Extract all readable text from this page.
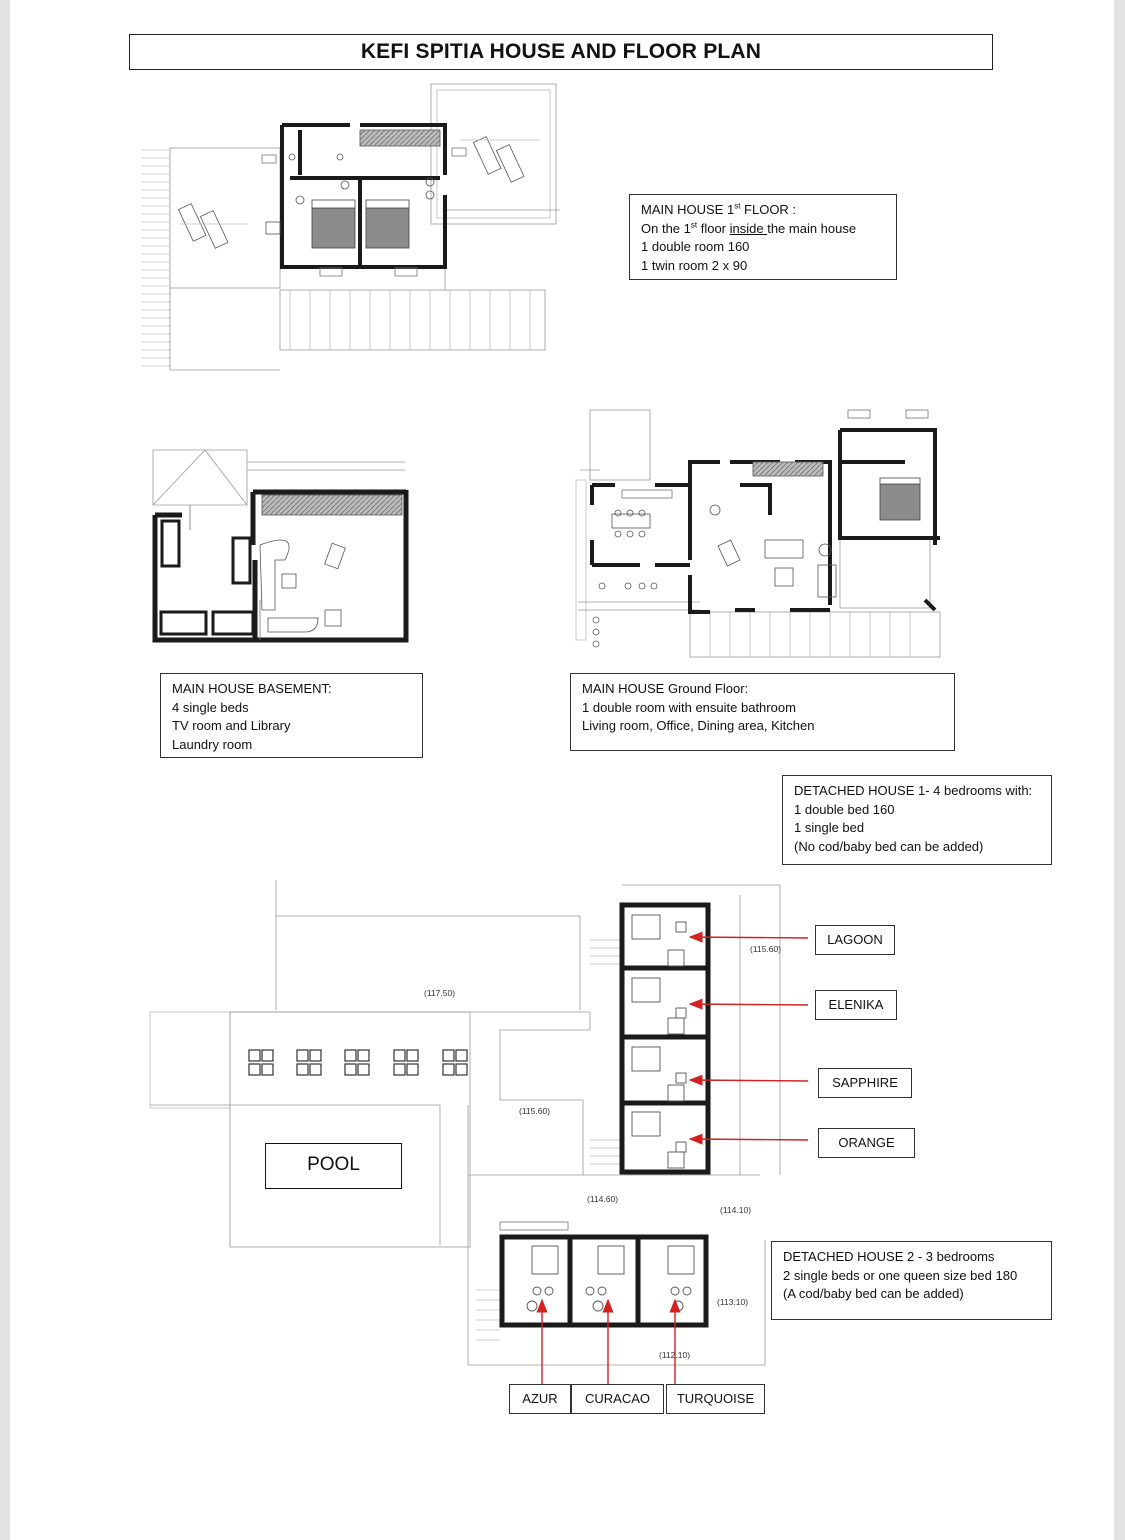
KEFI SPITIA HOUSE AND FLOOR PLAN
(117.50)
(115.60)
(115.60)
(114.60)
(114.10)
(113.10)
(112.10)
MAIN HOUSE 1st FLOOR :
On the 1st floor inside the main house
1 double room 160
1 twin room 2 x 90
MAIN HOUSE BASEMENT:
4 single beds
TV room and Library
Laundry room
MAIN HOUSE Ground Floor:
1 double room with ensuite bathroom
Living room, Office, Dining area, Kitchen
DETACHED HOUSE 1- 4 bedrooms with:
1 double bed 160
1 single bed
(No cod/baby bed can be added)
DETACHED HOUSE 2 - 3 bedrooms
2 single beds or one queen size bed 180
(A cod/baby bed can be added)
LAGOON
ELENIKA
SAPPHIRE
ORANGE
AZUR	CURACAO	TURQUOISE
POOL
